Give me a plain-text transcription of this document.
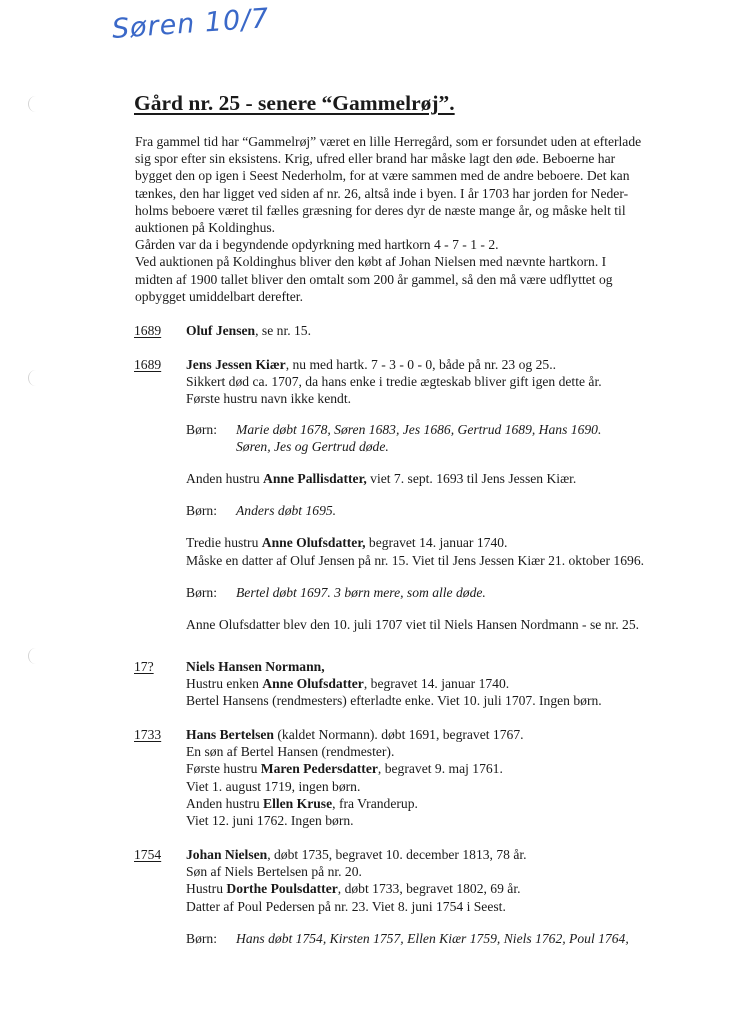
Søren 10/7
Gård nr. 25 - senere “Gammelrøj”.

Fra gammel tid har “Gammelrøj” været en lille Herregård, som er forsundet uden at efterlade

sig spor efter sin eksistens. Krig, ufred eller brand har måske lagt den øde. Beboerne har

bygget den op igen i Seest Nederholm, for at være sammen med de andre beboere. Det kan

tænkes, den har ligget ved siden af nr. 26, altså inde i byen. I år 1703 har jorden for Neder-

holms beboere været til fælles græsning for deres dyr de næste mange år, og måske helt til

auktionen på Koldinghus.

Gården var da i begyndende opdyrkning med hartkorn 4 - 7 - 1 - 2.

Ved auktionen på Koldinghus bliver den købt af Johan Nielsen med nævnte hartkorn. I

midten af 1900 tallet bliver den omtalt som 200 år gammel, så den må være udflyttet og

opbygget umiddelbart derefter.

1689 Oluf Jensen, se nr. 15.
1689 Jens Jessen Kiær, nu med hartk. 7 - 3 - 0 - 0, både på nr. 23 og 25..
Sikkert død ca. 1707, da hans enke i tredie ægteskab bliver gift igen dette år.
Første hustru navn ikke kendt.
Børn:	Marie døbt 1678, Søren 1683, Jes 1686, Gertrud 1689, Hans 1690.
Søren, Jes og Gertrud døde.
Anden hustru Anne Pallisdatter, viet 7. sept. 1693 til Jens Jessen Kiær.
Børn:	Anders døbt 1695.
Tredie hustru Anne Olufsdatter, begravet 14. januar 1740.
Måske en datter af Oluf Jensen på nr. 15. Viet til Jens Jessen Kiær 21. oktober 1696.
Børn:	Bertel døbt 1697. 3 børn mere, som alle døde.
Anne Olufsdatter blev den 10. juli 1707 viet til Niels Hansen Nordmann - se nr. 25.
17? Niels Hansen Normann,
Hustru enken Anne Olufsdatter, begravet 14. januar 1740.
Bertel Hansens (rendmesters) efterladte enke. Viet 10. juli 1707. Ingen børn.
1733 Hans Bertelsen (kaldet Normann). døbt 1691, begravet 1767.
En søn af Bertel Hansen (rendmester).
Første hustru Maren Pedersdatter, begravet 9. maj 1761.
Viet 1. august 1719, ingen børn.
Anden hustru Ellen Kruse, fra Vranderup.
Viet 12. juni 1762. Ingen børn.
1754 Johan Nielsen, døbt 1735, begravet 10. december 1813, 78 år.
Søn af Niels Bertelsen på nr. 20.
Hustru Dorthe Poulsdatter, døbt 1733, begravet 1802, 69 år.
Datter af Poul Pedersen på nr. 23. Viet 8. juni 1754 i Seest.
Børn:	Hans døbt 1754, Kirsten 1757, Ellen Kiær 1759, Niels 1762, Poul 1764,
